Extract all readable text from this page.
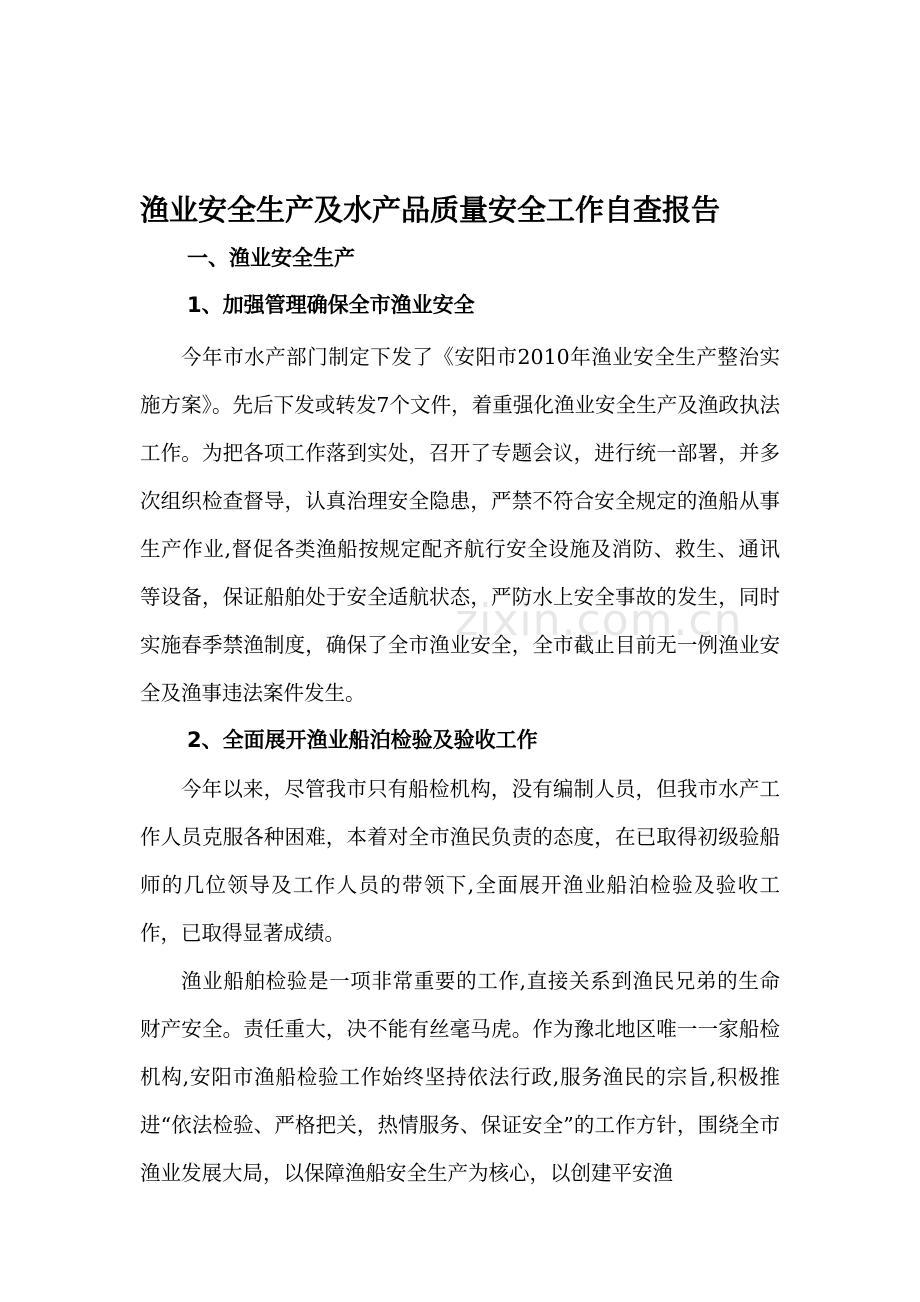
渔业安全生产及水产品质量安全工作自查报告
一、渔业安全生产
1、加强管理确保全市渔业安全

今年市水产部门制定下发了《安阳市2010年渔业安全生产整治实施方案》。先后下发或转发7个文件，着重强化渔业安全生产及渔政执法工作。为把各项工作落到实处，召开了专题会议，进行统一部署，并多次组织检查督导，认真治理安全隐患，严禁不符合安全规定的渔船从事生产作业,督促各类渔船按规定配齐航行安全设施及消防、救生、通讯等设备，保证船舶处于安全适航状态，严防水上安全事故的发生，同时实施春季禁渔制度，确保了全市渔业安全，全市截止目前无一例渔业安全及渔事违法案件发生。

2、全面展开渔业船泊检验及验收工作

今年以来，尽管我市只有船检机构，没有编制人员，但我市水产工作人员克服各种困难，本着对全市渔民负责的态度，在已取得初级验船师的几位领导及工作人员的带领下,全面展开渔业船泊检验及验收工作，已取得显著成绩。

渔业船舶检验是一项非常重要的工作,直接关系到渔民兄弟的生命财产安全。责任重大，决不能有丝毫马虎。作为豫北地区唯一一家船检机构,安阳市渔船检验工作始终坚持依法行政,服务渔民的宗旨,积极推进“依法检验、严格把关，热情服务、保证安全”的工作方针，围绕全市渔业发展大局，以保障渔船安全生产为核心，以创建平安渔

zixin.com.cn
